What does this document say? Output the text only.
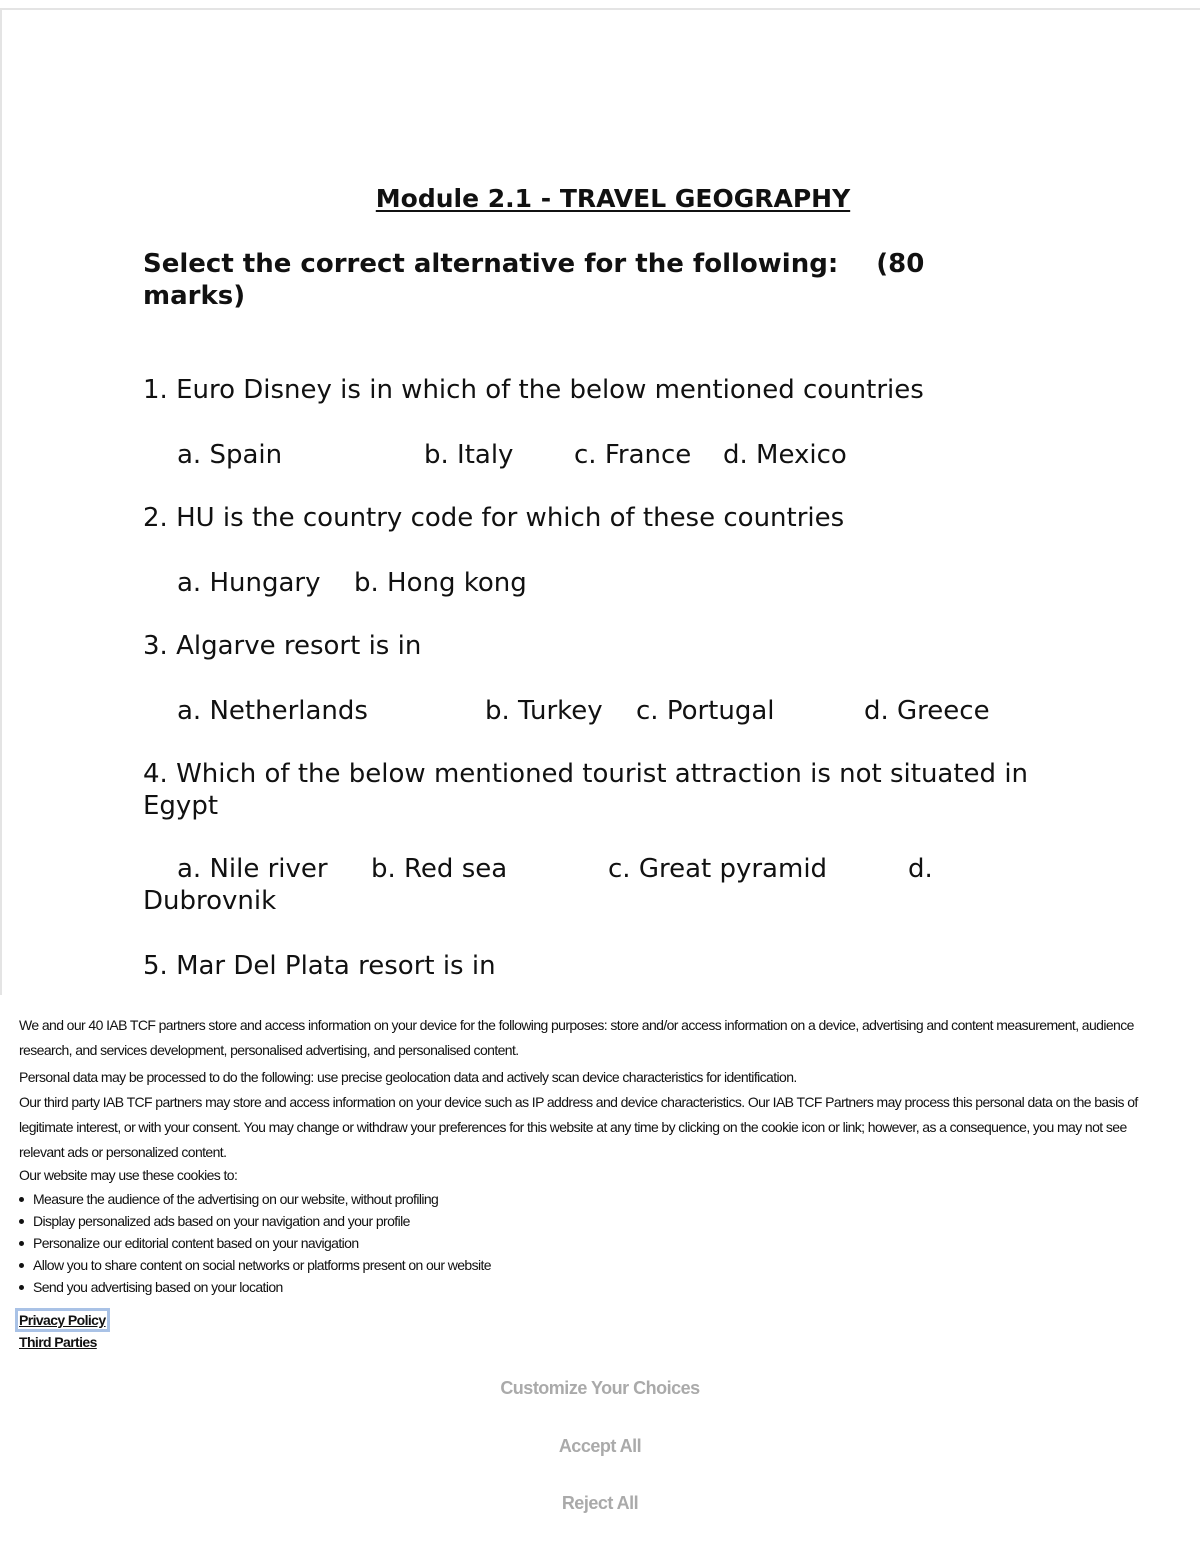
Module 2.1 - TRAVEL GEOGRAPHY

Select the correct alternative for the following: (80 marks)

1. Euro Disney is in which of the below mentioned countries

a. Spain	b. Italy c. France d. Mexico

2. HU is the country code for which of these countries

a. Hungary b. Hong kong

3. Algarve resort is in

a. Netherlands	b. Turkey c. Portugal	d. Greece

4. Which of the below mentioned tourist attraction is not situated in Egypt

a. Nile river b. Red sea	c. Great pyramid	d.
Dubrovnik

5. Mar Del Plata resort is in

We and our 40 IAB TCF partners store and access information on your device for the following purposes: store and/or access information on a device, advertising and content measurement, audience research, and services development, personalised advertising, and personalised content.

Personal data may be processed to do the following: use precise geolocation data and actively scan device characteristics for identification.

Our third party IAB TCF partners may store and access information on your device such as IP address and device characteristics. Our IAB TCF Partners may process this personal data on the basis of legitimate interest, or with your consent. You may change or withdraw your preferences for this website at any time by clicking on the cookie icon or link; however, as a consequence, you may not see relevant ads or personalized content.

Our website may use these cookies to:

Measure the audience of the advertising on our website, without profiling
Display personalized ads based on your navigation and your profile
Personalize our editorial content based on your navigation
Allow you to share content on social networks or platforms present on our website
Send you advertising based on your location
Privacy Policy
Third Parties
Customize Your Choices
Accept All
Reject All
